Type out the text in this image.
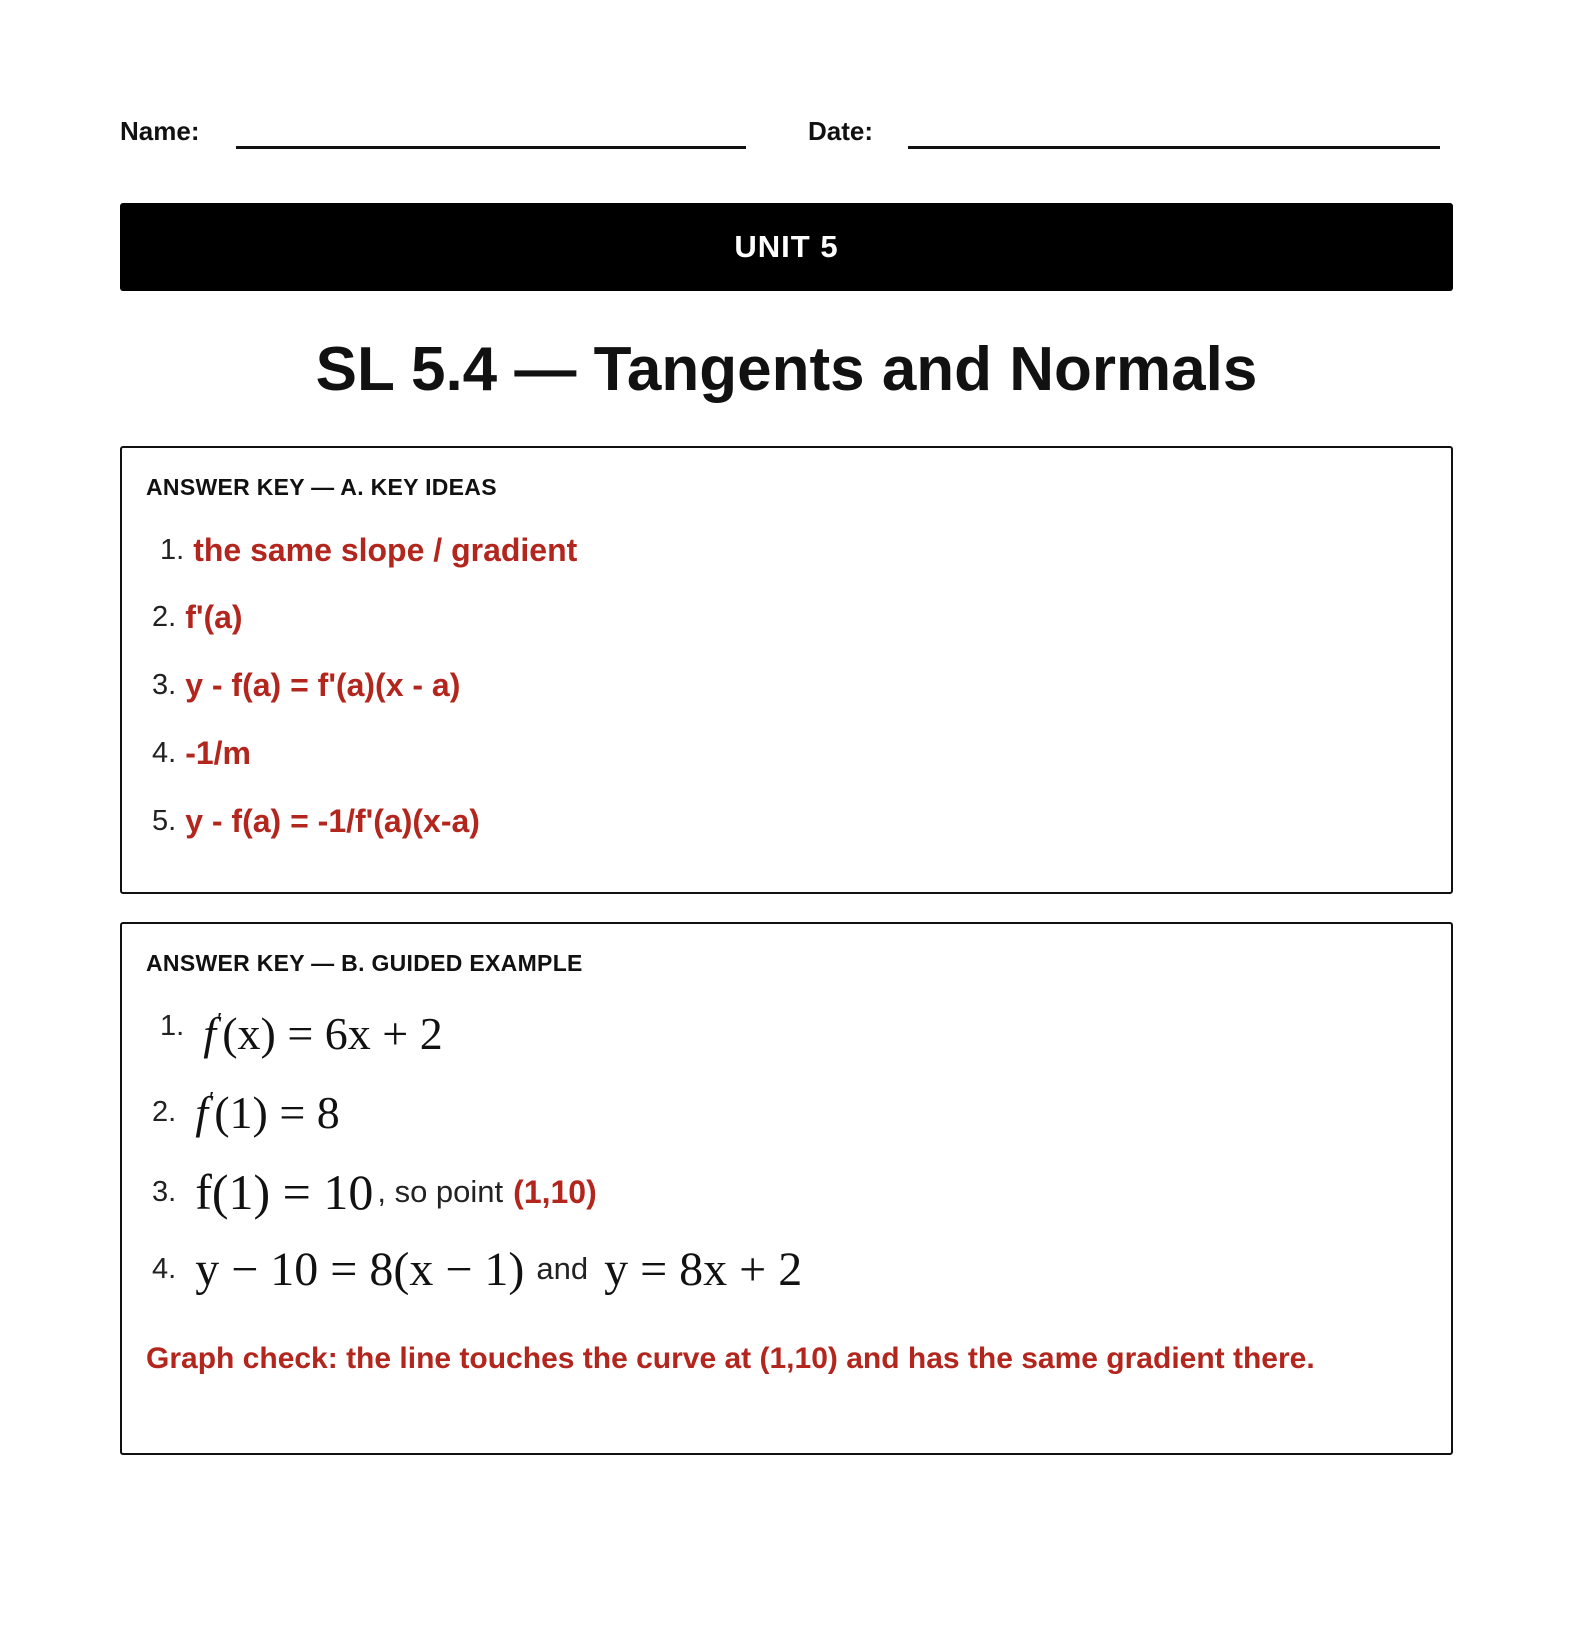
Name:	Date:
UNIT 5
SL 5.4 — Tangents and Normals
ANSWER KEY — A. KEY IDEAS
1. the same slope / gradient
2. f'(a)
3. y - f(a) = f'(a)(x - a)
4. -1/m
5. y - f(a) = -1/f'(a)(x-a)
ANSWER KEY — B. GUIDED EXAMPLE
1. f′(x) = 6x + 2
2. f′(1) = 8
3. f(1) = 10 , so point (1,10)
4. y − 10 = 8(x − 1) and y = 8x + 2
Graph check: the line touches the curve at (1,10) and has the same gradient there.
